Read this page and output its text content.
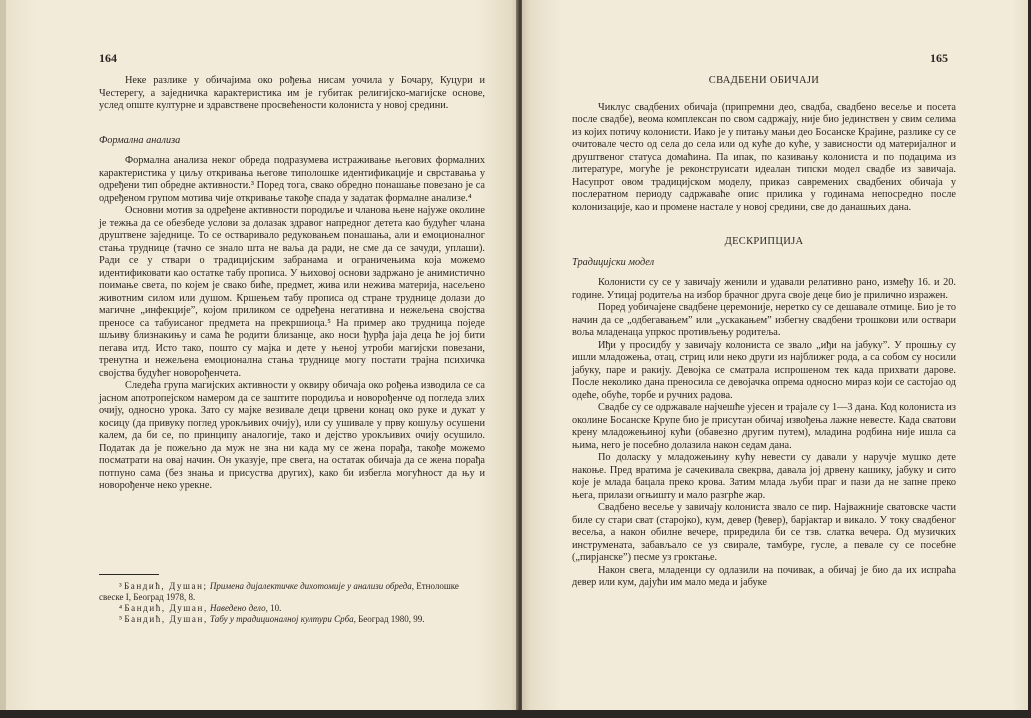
164

Неке разлике у обичајима око рођења нисам уочила у Бочару, Куцури и Честерегу, а заједничка карактеристика им је губитак религијско-магијске основе, услед опште културне и здравствене просвећености колониста у новој средини.

Формална анализа

Формална анализа неког обреда подразумева истраживање његових формалних карактеристика у циљу откривања његове типолошке идентификације и сврставања у одређени тип обредне активности.³ Поред тога, свако обредно понашање повезано је са одређеном групом мотива чије откривање такође спада у задатак формалне анализе.⁴

Основни мотив за одређене активности породиље и чланова њене најуже околине је тежња да се обезбеде услови за долазак здравог напредног детета као будућег члана друштвене заједнице. То се остваривало редуковањем понашања, али и емоционалног стања труднице (тачно се знало шта не ваља да ради, не сме да се зачуди, уплаши). Ради се у ствари о традицијским забранама и ограничењима која можемо идентификовати као остатке табу прописа. У њиховој основи задржано је анимистично поимање света, по којем је свако биће, предмет, жива или неживa материја, насељено живoтним силом или душом. Кршењем табу прописа од стране труднице долази до магичне „инфекције”, којом приликом се одређена негативна и нежељена својства преносе са табуисаног предмета на прекршиоца.⁵ На пример ако трудница поједе шљиву близнакињу и сама ће родити близанце, ако носи ђурђа јаја деца ће јој бити пегава итд. Исто тако, пошто су мајка и дете у њеној утроби магијски повезани, тренутна и нежељена емоционална стања труднице могу постати трајна психичка својства будућег новорођенчета.

Следећа група магијских активности у оквиру обичаја око рођења изводила се са јасном апотропејском намером да се заштите породиља и новорођенче од погледа злих очију, односно урока. Зато су мајке везивале деци црвени конац око руке и дукат у косицу (да привуку поглед урокљивих очију), или су ушивале у прву кошуљу осушени калем, да би се, по принципу аналогије, тако и дејство урокљивих очију осушило. Податак да је пожељно да муж не зна ни када му се жена порађа, такође можемо посматрати на овај начин. Он указује, пре свега, на остатак обичаја да се жена порађа потпуно сама (без знања и присуства других), како би избегла могућност да њу и новорођенче неко урекне.

³ Бандић, Душан; Примена дијалектичке дихотомије у анализи обреда, Етнолошке свеске I, Београд 1978, 8.

⁴ Бандић, Душан, Наведено дело, 10.

⁵ Бандић, Душан, Табу у традиционалној култури Срба, Београд 1980, 99.

165

СВАДБЕНИ ОБИЧАЈИ

Чиклус свадбених обичаја (припремни део, свадба, свадбено весеље и посета после свадбе), веома комплексан по свом садржају, није био јединствен у свим селима из којих потичу колонисти. Иако је у питању мањи део Босанске Крајине, разлике су се очитовале често од села до села или од куће до куће, у зависности од материјалног и друштвеног статуса домаћина. Па ипак, по казивању колониста и по подацима из литературе, могуће је реконструисати идеалан типски модел свадбе из завичаја. Насупрот овом традицијском моделу, приказ савремених свадбених обичаја у послератном периоду садржаваће опис прилика у годинама непосредно после колонизације, као и промене настале у новој средини, све до данашњих дана.

ДЕСКРИПЦИЈА

Традицијски модел

Колонисти су се у завичају женили и удавали релативно рано, између 16. и 20. године. Утицај родитеља на избор брачног друга своје деце био је прилично изражен.

Поред уобичајене свадбене церемоније, нeретко су се дешавале отмице. Био је то начин да се „одбегавањем” или „ускакањем” избегну свадбени трошкови или оствари воља младенаца упркос противљењу родитеља.

Иђи у просидбу у завичају колониста се звало „иђи на јабуку”. У прошњу су ишли младожења, отац, стриц или неко други из најближег рода, а са собом су носили јабуку, паре и ракију. Девојка се сматрала испрошеном тек када прихвати дарове. После неколико дана преносила се девојачка опрема односно мираз који се састојао од одеће, обуће, торбе и ручних радова.

Свадбе су се одржавале најчешће уjесен и трајале су 1—3 дана. Код колониста из околине Босанске Крупе био је присутан обичај извођења лажне невесте. Када сватови крену младожењиној кући (обавезно другим путем), младина родбина није ишла са њима, него је посебно долазила након седам дана.

По доласку у младожењину кућу невести су давали у наручје мушко дете накоње. Пред вратима је сачекивала свекрва, давала јој дрвену кашику, јабуку и сито које је млада бацала преко крова. Затим млада љуби праг и пази да не запне преко њега, прилази огњишту и мало разгрће жар.

Свадбено весеље у завичају колониста звало се пир. Најважније сватовске части биле су стари сват (старојко), кум, девер (ђевер), барјактар и викало. У току свадбеног весеља, а након обилне вечере, приредила би се тзв. слатка вечера. Од музичких инструмената, забављало се уз свирале, тамбуре, гусле, а певале су се посебне („пирјанске”) песме уз гроктање.

Након свега, младенци су одлазили на почивак, а обичај је био да их испраћа девер или кум, дајући им мало меда и јабуке
